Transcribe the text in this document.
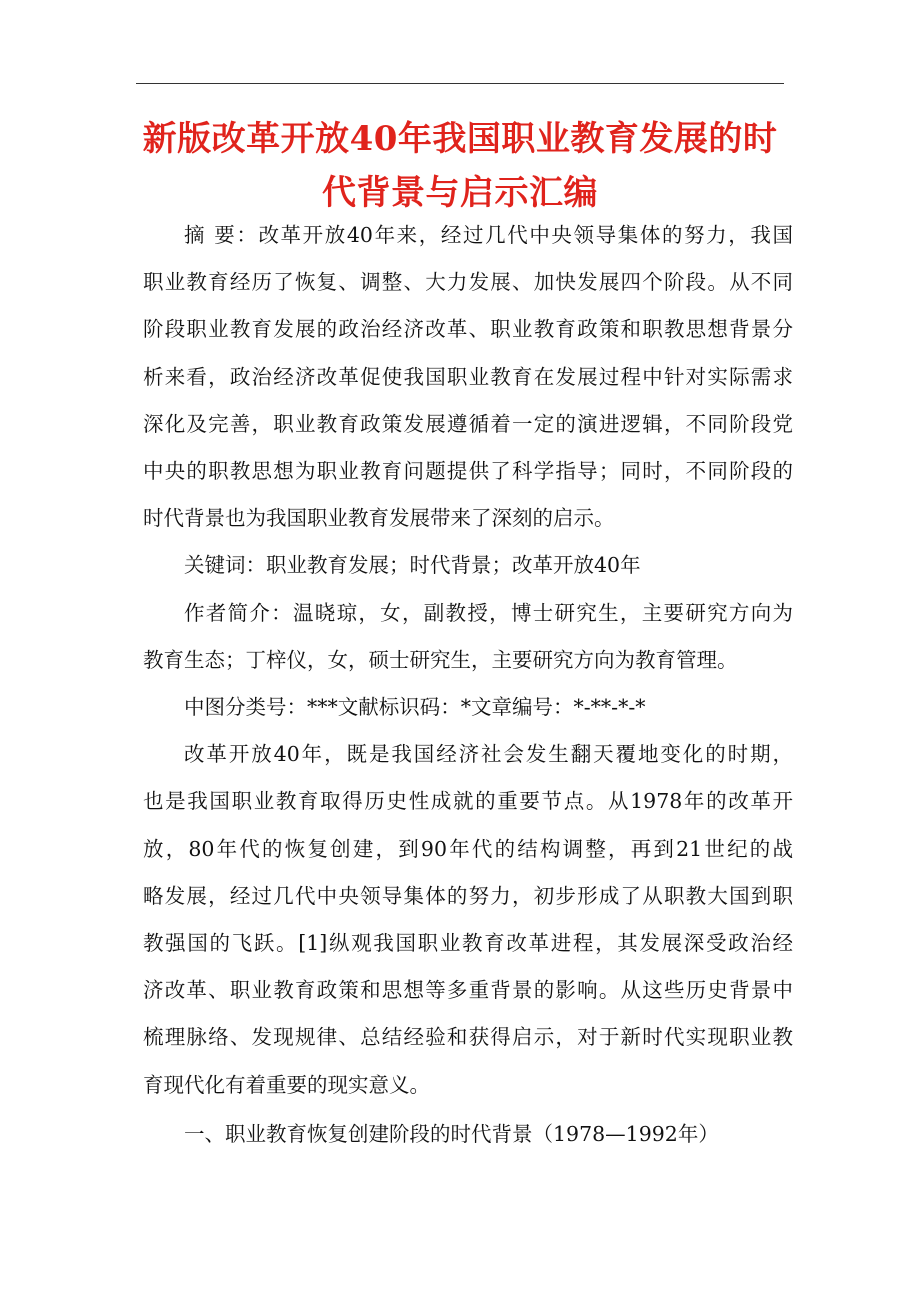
新版改革开放40年我国职业教育发展的时
代背景与启示汇编
摘 要：改革开放40年来，经过几代中央领导集体的努力，我国
职业教育经历了恢复、调整、大力发展、加快发展四个阶段。从不同
阶段职业教育发展的政治经济改革、职业教育政策和职教思想背景分
析来看，政治经济改革促使我国职业教育在发展过程中针对实际需求
深化及完善，职业教育政策发展遵循着一定的演进逻辑，不同阶段党
中央的职教思想为职业教育问题提供了科学指导；同时，不同阶段的
时代背景也为我国职业教育发展带来了深刻的启示。
关键词：职业教育发展；时代背景；改革开放40年
作者简介：温晓琼，女，副教授，博士研究生，主要研究方向为
教育生态；丁梓仪，女，硕士研究生，主要研究方向为教育管理。
中图分类号：***文献标识码：*文章编号：*-**-*-*
改革开放40年，既是我国经济社会发生翻天覆地变化的时期，
也是我国职业教育取得历史性成就的重要节点。从1978年的改革开
放，80年代的恢复创建，到90年代的结构调整，再到21世纪的战
略发展，经过几代中央领导集体的努力，初步形成了从职教大国到职
教强国的飞跃。[1]纵观我国职业教育改革进程，其发展深受政治经
济改革、职业教育政策和思想等多重背景的影响。从这些历史背景中
梳理脉络、发现规律、总结经验和获得启示，对于新时代实现职业教
育现代化有着重要的现实意义。
一、职业教育恢复创建阶段的时代背景（1978—1992年）
